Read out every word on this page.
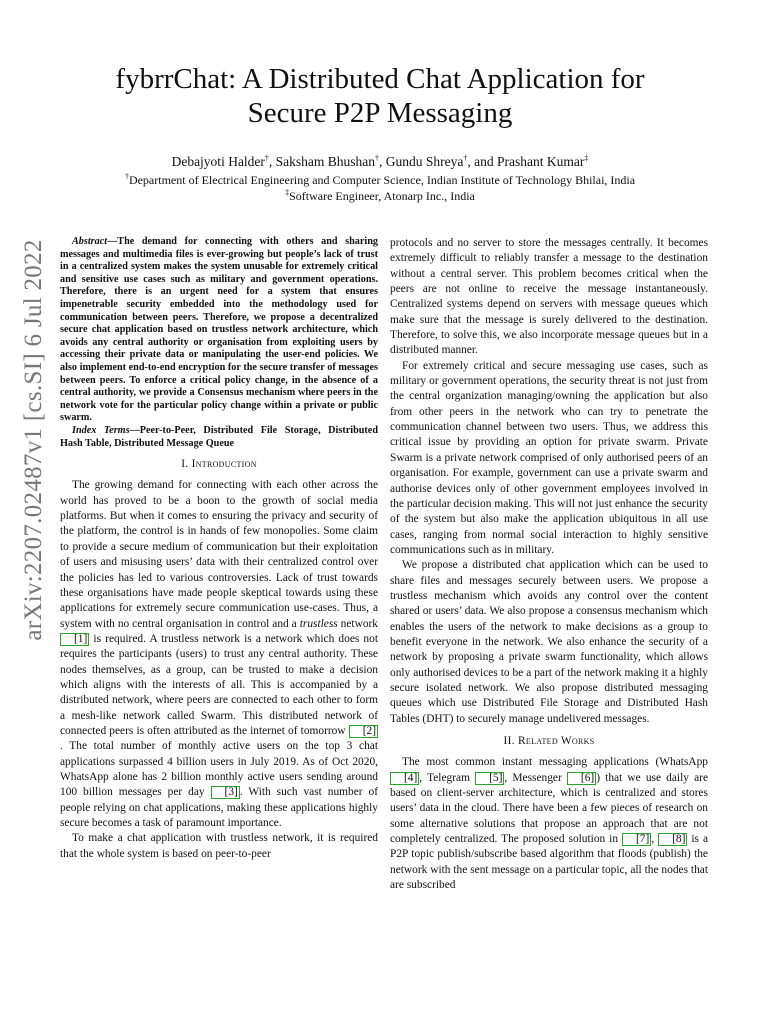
arXiv:2207.02487v1 [cs.SI] 6 Jul 2022
fybrrChat: A Distributed Chat Application for
Secure P2P Messaging
Debajyoti Halder†, Saksham Bhushan†, Gundu Shreya†, and Prashant Kumar‡
†Department of Electrical Engineering and Computer Science, Indian Institute of Technology Bhilai, India
‡Software Engineer, Atonarp Inc., India

Abstract—The demand for connecting with others and sharing messages and multimedia files is ever-growing but people’s lack of trust in a centralized system makes the system unusable for extremely critical and sensitive use cases such as military and government operations. Therefore, there is an urgent need for a system that ensures impenetrable security embedded into the methodology used for communication between peers. Therefore, we propose a decentralized secure chat application based on trustless network architecture, which avoids any central authority or organisation from exploiting users by accessing their private data or manipulating the user-end policies. We also implement end-to-end encryption for the secure transfer of messages between peers. To enforce a critical policy change, in the absence of a central authority, we provide a Consensus mechanism where peers in the network vote for the particular policy change within a private or public swarm.

Index Terms—Peer-to-Peer, Distributed File Storage, Distributed Hash Table, Distributed Message Queue

I. Introduction

The growing demand for connecting with each other across the world has proved to be a boon to the growth of social media platforms. But when it comes to ensuring the privacy and security of the platform, the control is in hands of few monopolies. Some claim to provide a secure medium of communication but their exploitation of users and misusing users’ data with their centralized control over the policies has led to various controversies. Lack of trust towards these organisations have made people skeptical towards using these applications for extremely secure communication use-cases. Thus, a system with no central organisation in control and a trustless network [1] is required. A trustless network is a network which does not requires the participants (users) to trust any central authority. These nodes themselves, as a group, can be trusted to make a decision which aligns with the interests of all. This is accompanied by a distributed network, where peers are connected to each other to form a mesh-like network called Swarm. This distributed network of connected peers is often attributed as the internet of tomorrow [2]. The total number of monthly active users on the top 3 chat applications surpassed 4 billion users in July 2019. As of Oct 2020, WhatsApp alone has 2 billion monthly active users sending around 100 billion messages per day [3] . With such vast number of people relying on chat applications, making these applications highly secure becomes a task of paramount importance.

To make a chat application with trustless network, it is required that the whole system is based on peer-to-peer

protocols and no server to store the messages centrally. It becomes extremely difficult to reliably transfer a message to the destination without a central server. This problem becomes critical when the peers are not online to receive the message instantaneously. Centralized systems depend on servers with message queues which make sure that the message is surely delivered to the destination. Therefore, to solve this, we also incorporate message queues but in a distributed manner.

For extremely critical and secure messaging use cases, such as military or government operations, the security threat is not just from the central organization managing/owning the application but also from other peers in the network who can try to penetrate the communication channel between two users. Thus, we address this critical issue by providing an option for private swarm. Private Swarm is a private network comprised of only authorised peers of an organisation. For example, government can use a private swarm and authorise devices only of other government employees involved in the particular decision making. This will not just enhance the security of the system but also make the application ubiquitous in all use cases, ranging from normal social interaction to highly sensitive communications such as in military.

We propose a distributed chat application which can be used to share files and messages securely between users. We propose a trustless mechanism which avoids any control over the content shared or users’ data. We also propose a consensus mechanism which enables the users of the network to make decisions as a group to benefit everyone in the network. We also enhance the security of a network by proposing a private swarm functionality, which allows only authorised devices to be a part of the network making it a highly secure isolated network. We also propose distributed messaging queues which use Distributed File Storage and Distributed Hash Tables (DHT) to securely manage undelivered messages.

II. Related Works

The most common instant messaging applications (WhatsApp [4] , Telegram [5] , Messenger [6] ) that we use daily are based on client-server architecture, which is centralized and stores users’ data in the cloud. There have been a few pieces of research on some alternative solutions that propose an approach that are not completely centralized. The proposed solution in [7] , [8] is a P2P topic publish/subscribe based algorithm that floods (publish) the network with the sent message on a particular topic, all the nodes that are subscribed
